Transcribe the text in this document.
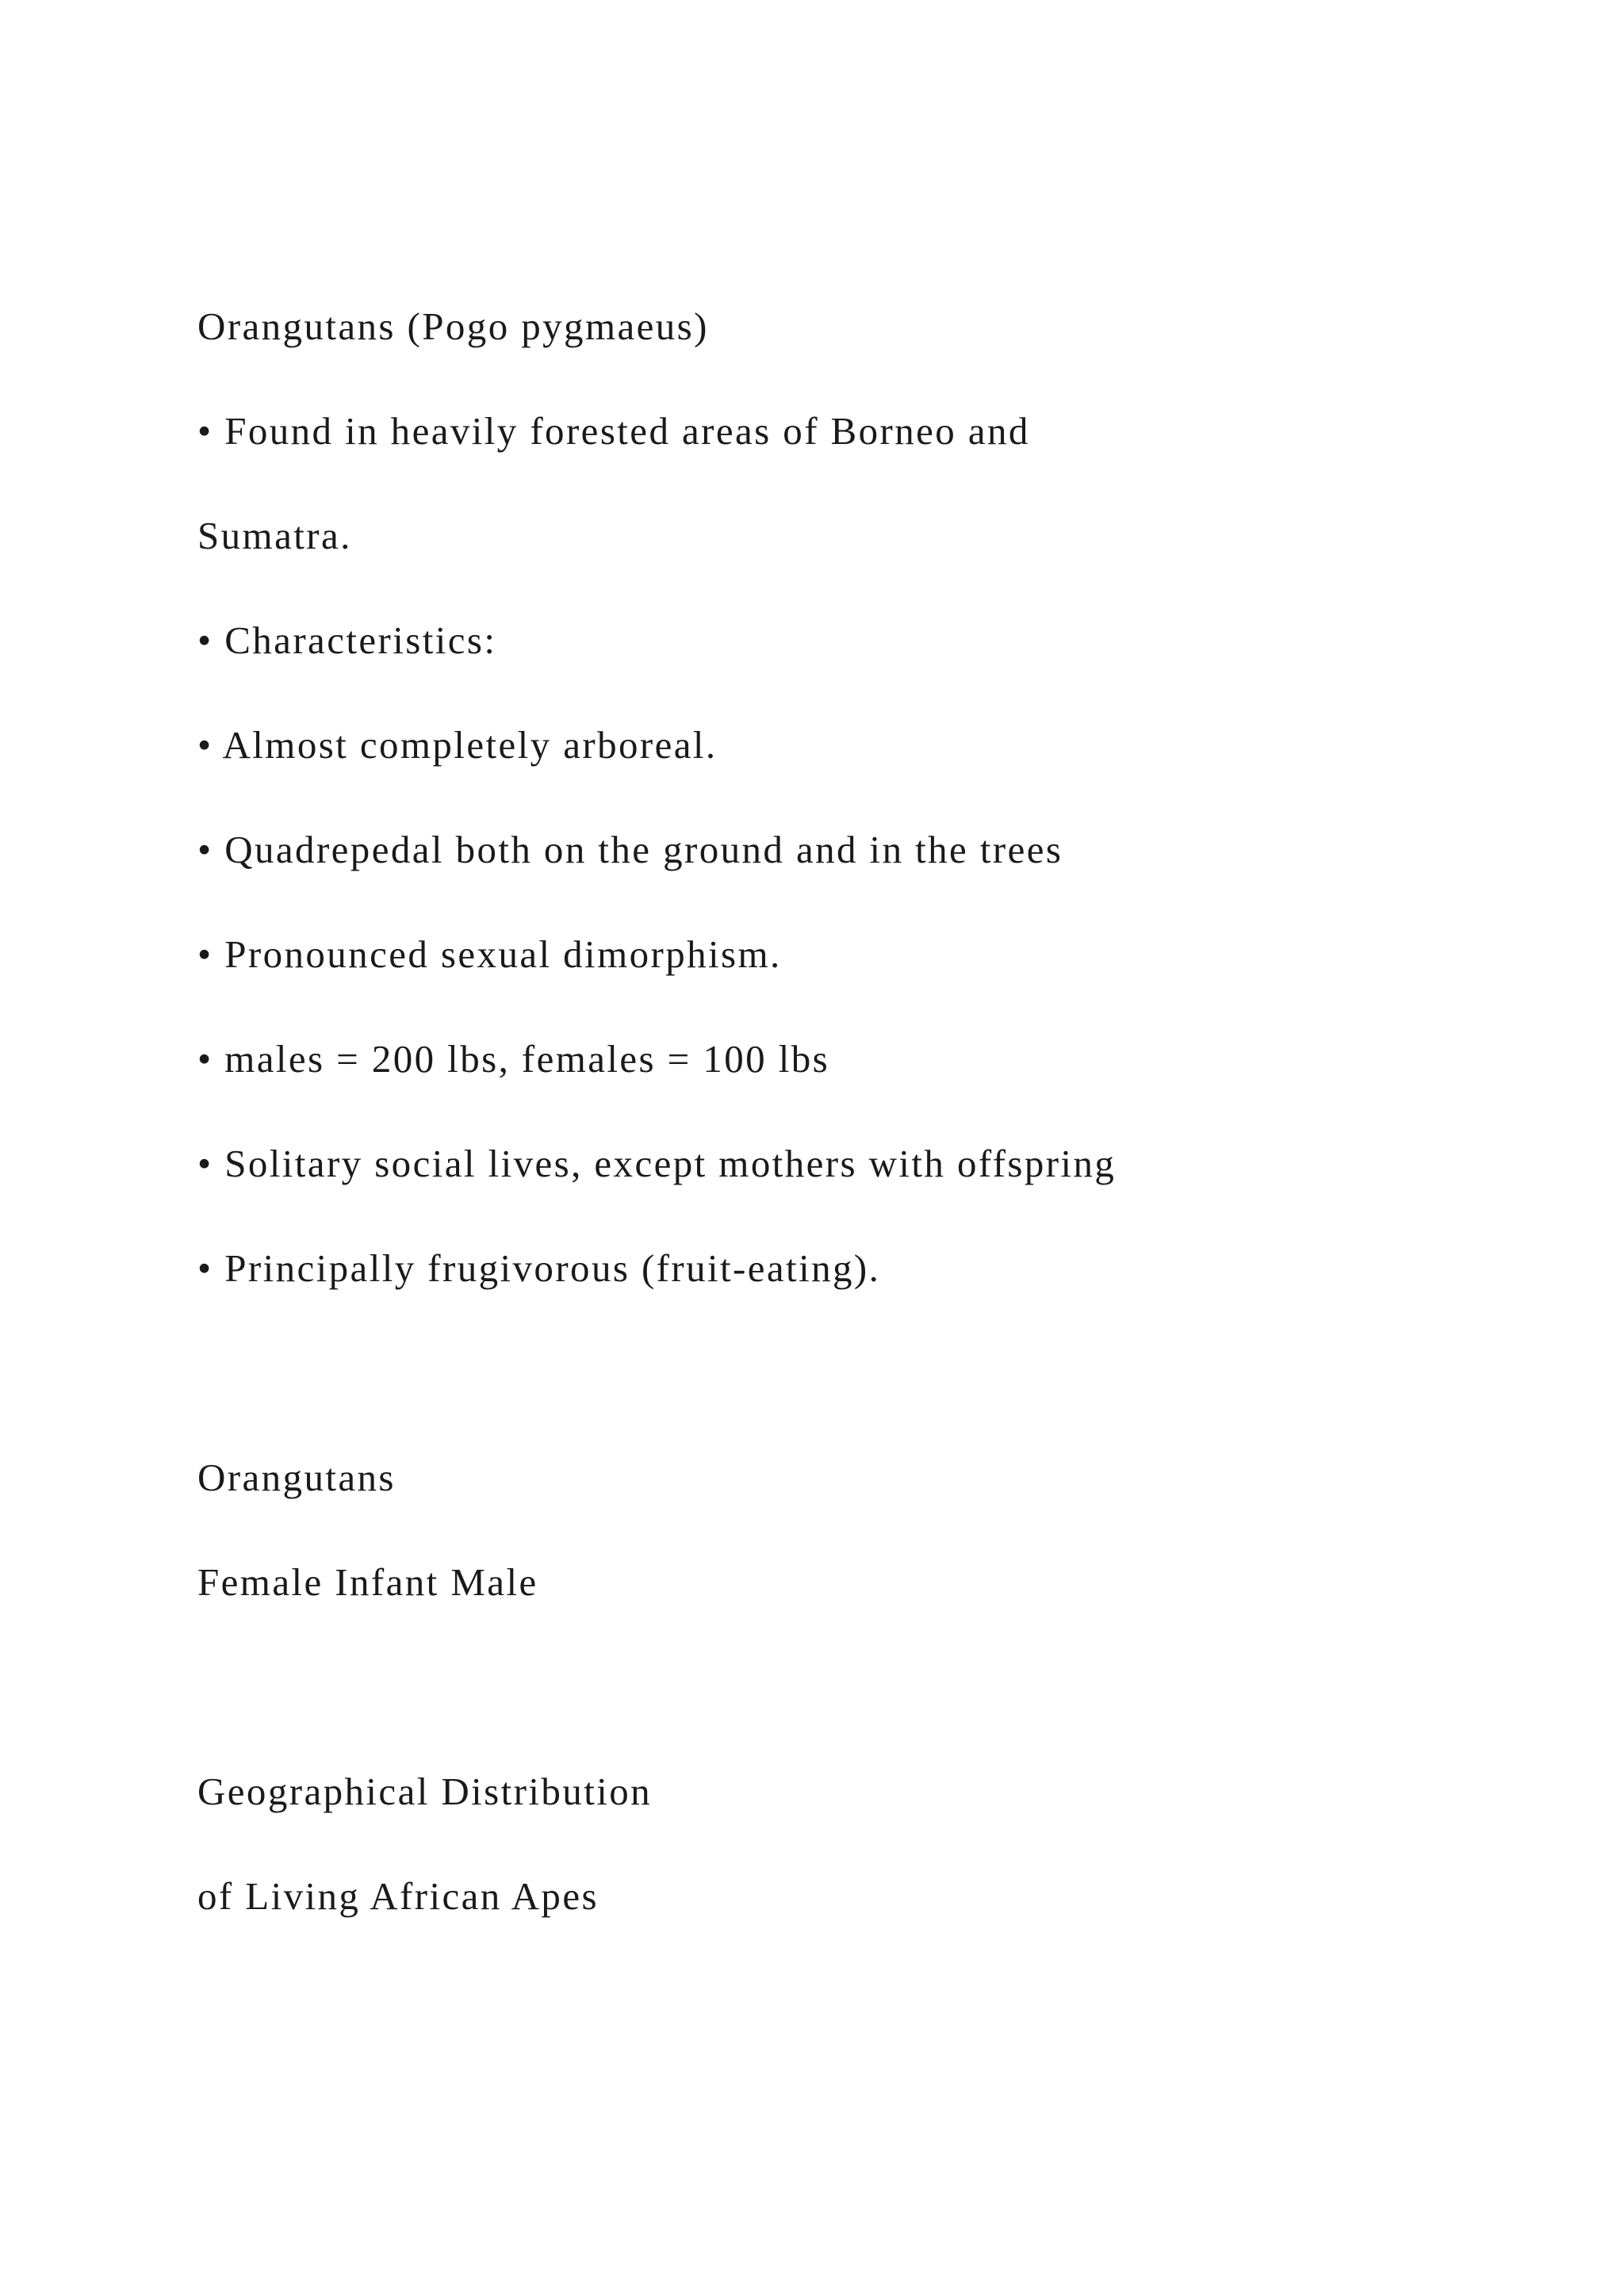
Orangutans (Pogo pygmaeus)
• Found in heavily forested areas of Borneo and
Sumatra.
• Characteristics:
• Almost completely arboreal.
• Quadrepedal both on the ground and in the trees
• Pronounced sexual dimorphism.
• males = 200 lbs, females = 100 lbs
• Solitary social lives, except mothers with offspring
• Principally frugivorous (fruit-eating).
Orangutans
Female Infant Male
Geographical Distribution
of Living African Apes
